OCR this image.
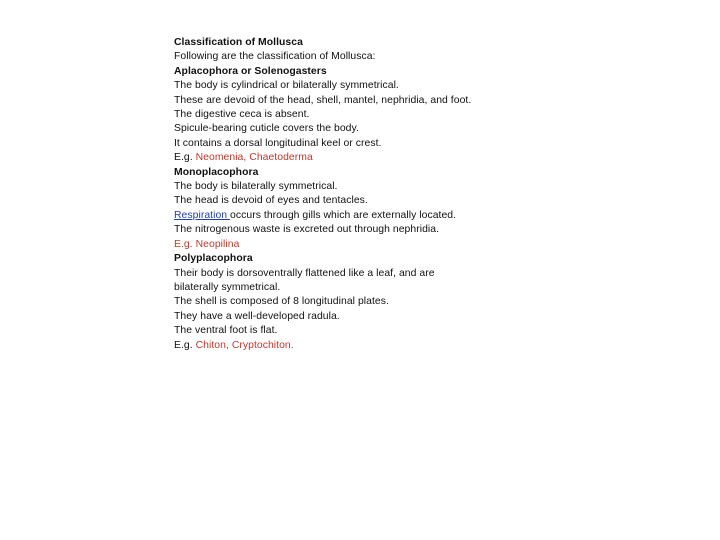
Classification of Mollusca
Following are the classification of Mollusca:
Aplacophora or Solenogasters
The body is cylindrical or bilaterally symmetrical.
These are devoid of the head, shell, mantel, nephridia, and foot.
The digestive ceca is absent.
Spicule-bearing cuticle covers the body.
It contains a dorsal longitudinal keel or crest.
E.g. Neomenia, Chaetoderma
Monoplacophora
The body is bilaterally symmetrical.
The head is devoid of eyes and tentacles.
Respiration occurs through gills which are externally located.
The nitrogenous waste is excreted out through nephridia.
E.g. Neopilina
Polyplacophora
Their body is dorsoventrally flattened like a leaf, and are bilaterally symmetrical.
The shell is composed of 8 longitudinal plates.
They have a well-developed radula.
The ventral foot is flat.
E.g. Chiton, Cryptochiton.
